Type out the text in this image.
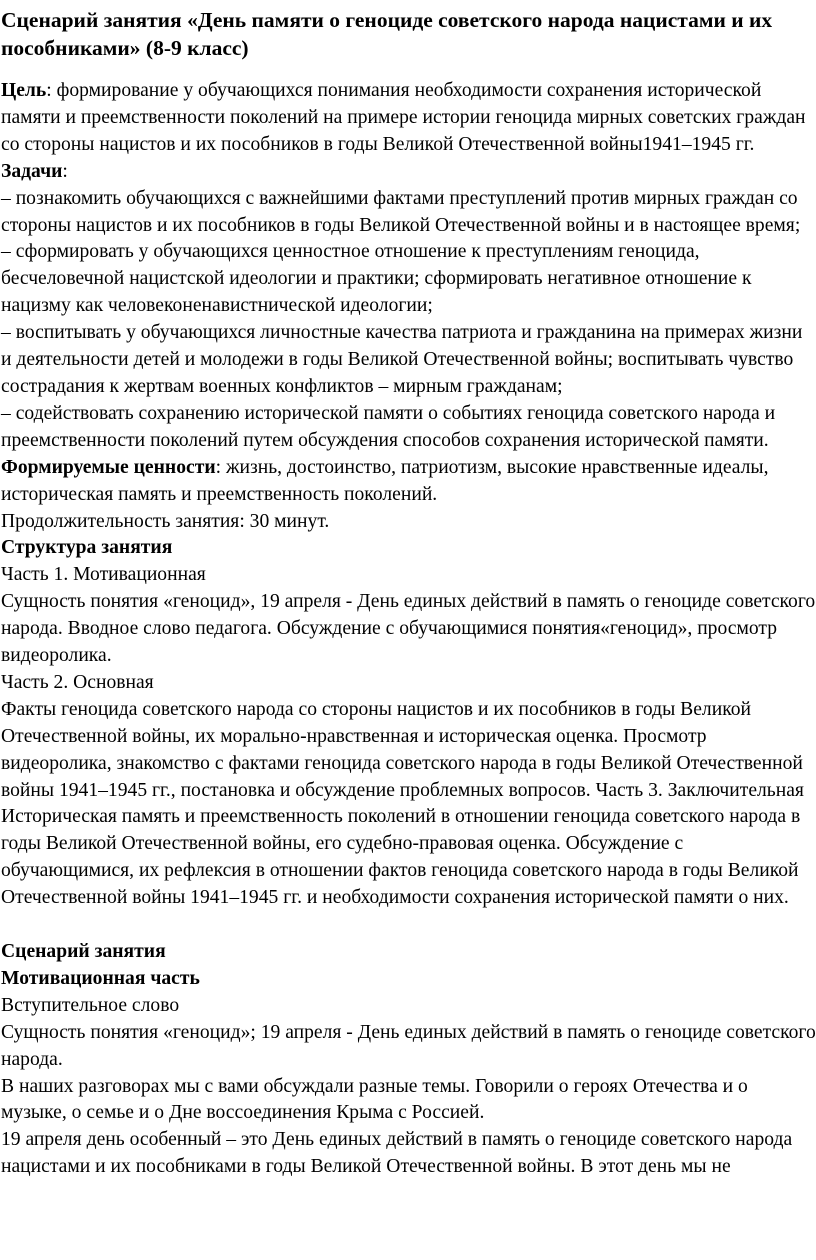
Сценарий занятия «День памяти о геноциде советского народа нацистами и их пособниками» (8-9 класс)

Цель: формирование у обучающихся понимания необходимости сохранения исторической памяти и преемственности поколений на примере истории геноцида мирных советских граждан со стороны нацистов и их пособников в годы Великой Отечественной войны1941–1945 гг.

Задачи:

– познакомить обучающихся с важнейшими фактами преступлений против мирных граждан со стороны нацистов и их пособников в годы Великой Отечественной войны и в настоящее время;

– сформировать у обучающихся ценностное отношение к преступлениям геноцида, бесчеловечной нацистской идеологии и практики; сформировать негативное отношение к нацизму как человеконенавистнической идеологии;

– воспитывать у обучающихся личностные качества патриота и гражданина на примерах жизни и деятельности детей и молодежи в годы Великой Отечественной войны; воспитывать чувство сострадания к жертвам военных конфликтов – мирным гражданам;

– содействовать сохранению исторической памяти о событиях геноцида советского народа и преемственности поколений путем обсуждения способов сохранения исторической памяти.

Формируемые ценности: жизнь, достоинство, патриотизм, высокие нравственные идеалы, историческая память и преемственность поколений.

Продолжительность занятия: 30 минут.

Структура занятия

Часть 1. Мотивационная

Сущность понятия «геноцид», 19 апреля - День единых действий в память о геноциде советского народа. Вводное слово педагога. Обсуждение с обучающимися понятия«геноцид», просмотр видеоролика.

Часть 2. Основная

Факты геноцида советского народа со стороны нацистов и их пособников в годы Великой Отечественной войны, их морально-нравственная и историческая оценка. Просмотр видеоролика, знакомство с фактами геноцида советского народа в годы Великой Отечественной войны 1941–1945 гг., постановка и обсуждение проблемных вопросов. Часть 3. Заключительная

Историческая память и преемственность поколений в отношении геноцида советского народа в годы Великой Отечественной войны, его судебно-правовая оценка. Обсуждение с обучающимися, их рефлексия в отношении фактов геноцида советского народа в годы Великой Отечественной войны 1941–1945 гг. и необходимости сохранения исторической памяти о них.

Сценарий занятия

Мотивационная часть

Вступительное слово

Сущность понятия «геноцид»; 19 апреля - День единых действий в память о геноциде советского народа.

В наших разговорах мы с вами обсуждали разные темы. Говорили о героях Отечества и о музыке, о семье и о Дне воссоединения Крыма с Россией.

19 апреля день особенный – это День единых действий в память о геноциде советского народа нацистами и их пособниками в годы Великой Отечественной войны. В этот день мы не
